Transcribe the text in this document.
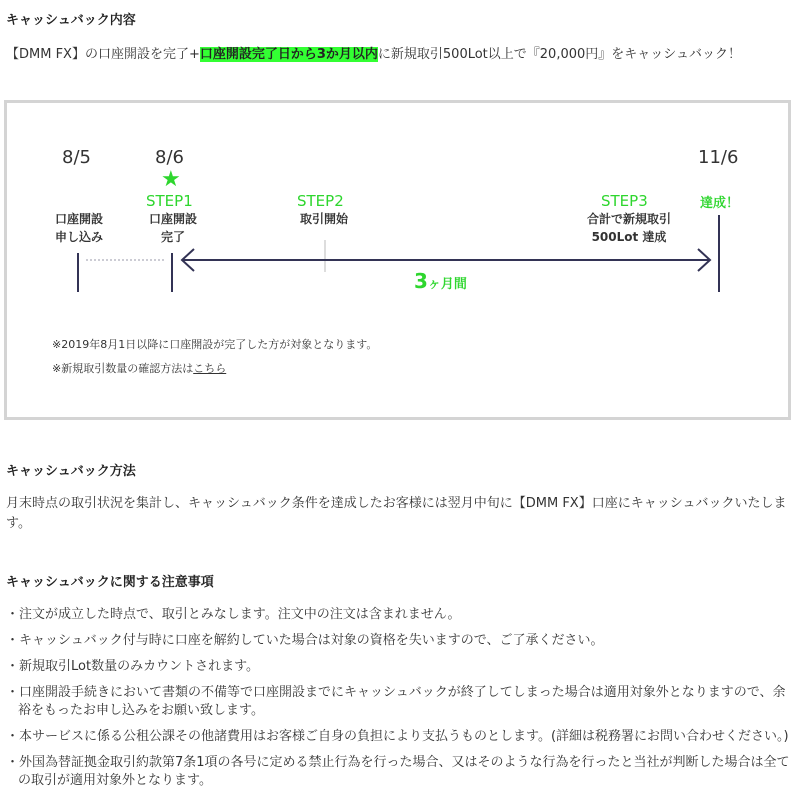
キャッシュバック内容
【DMM FX】の口座開設を完了+口座開設完了日から3か月以内に新規取引500Lot以上で『20,000円』をキャッシュバック！
8/5	8/6	11/6
★
STEP1	STEP2	STEP3	達成！
口座開設
申し込み
口座開設
完了
取引開始	合計で新規取引
500Lot 達成
3ヶ月間
※2019年8月1日以降に口座開設が完了した方が対象となります。
※新規取引数量の確認方法はこちら
キャッシュバック方法
月末時点の取引状況を集計し、キャッシュバック条件を達成したお客様には翌月中旬に【DMM FX】口座にキャッシュバックいたします。
キャッシュバックに関する注意事項
・注文が成立した時点で、取引とみなします。注文中の注文は含まれません。
・キャッシュバック付与時に口座を解約していた場合は対象の資格を失いますので、ご了承ください。
・新規取引Lot数量のみカウントされます。
・口座開設手続きにおいて書類の不備等で口座開設までにキャッシュバックが終了してしまった場合は適用対象外となりますので、余裕をもったお申し込みをお願い致します。
・本サービスに係る公租公課その他諸費用はお客様ご自身の負担により支払うものとします。(詳細は税務署にお問い合わせください。)
・外国為替証拠金取引約款第7条1項の各号に定める禁止行為を行った場合、又はそのような行為を行ったと当社が判断した場合は全ての取引が適用対象外となります。
